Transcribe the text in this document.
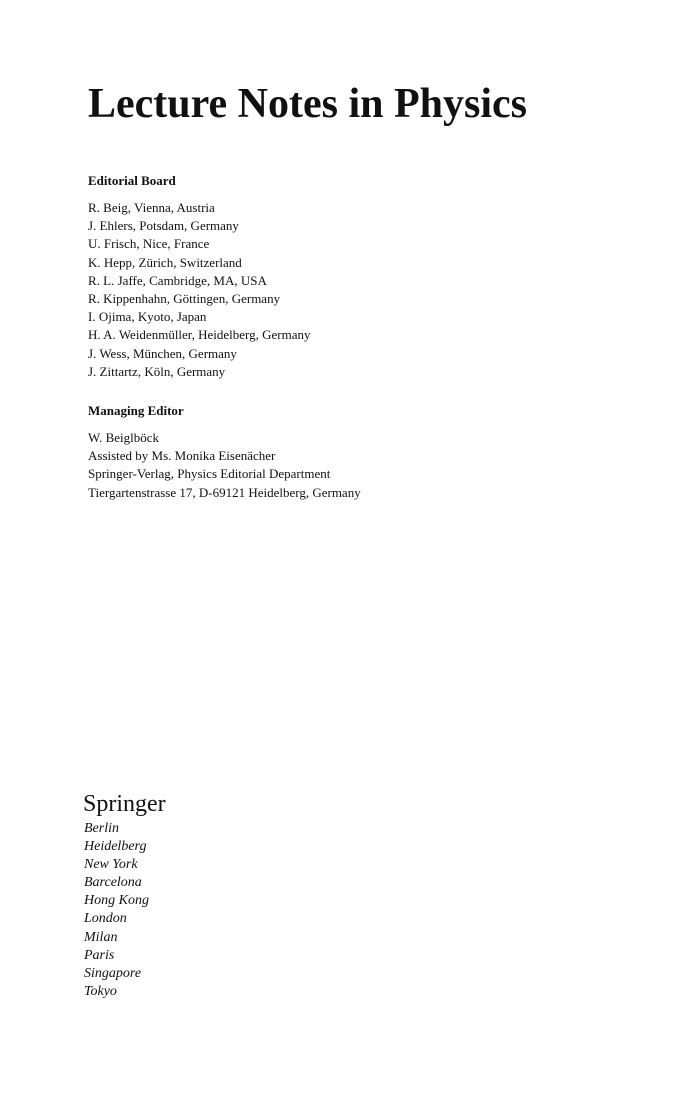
Lecture Notes in Physics
Editorial Board
R. Beig, Vienna, Austria
J. Ehlers, Potsdam, Germany
U. Frisch, Nice, France
K. Hepp, Zürich, Switzerland
R. L. Jaffe, Cambridge, MA, USA
R. Kippenhahn, Göttingen, Germany
I. Ojima, Kyoto, Japan
H. A. Weidenmüller, Heidelberg, Germany
J. Wess, München, Germany
J. Zittartz, Köln, Germany
Managing Editor
W. Beiglböck
Assisted by Ms. Monika Eisenächer
Springer-Verlag, Physics Editorial Department
Tiergartenstrasse 17, D-69121 Heidelberg, Germany
Springer
Berlin
Heidelberg
New York
Barcelona
Hong Kong
London
Milan
Paris
Singapore
Tokyo
